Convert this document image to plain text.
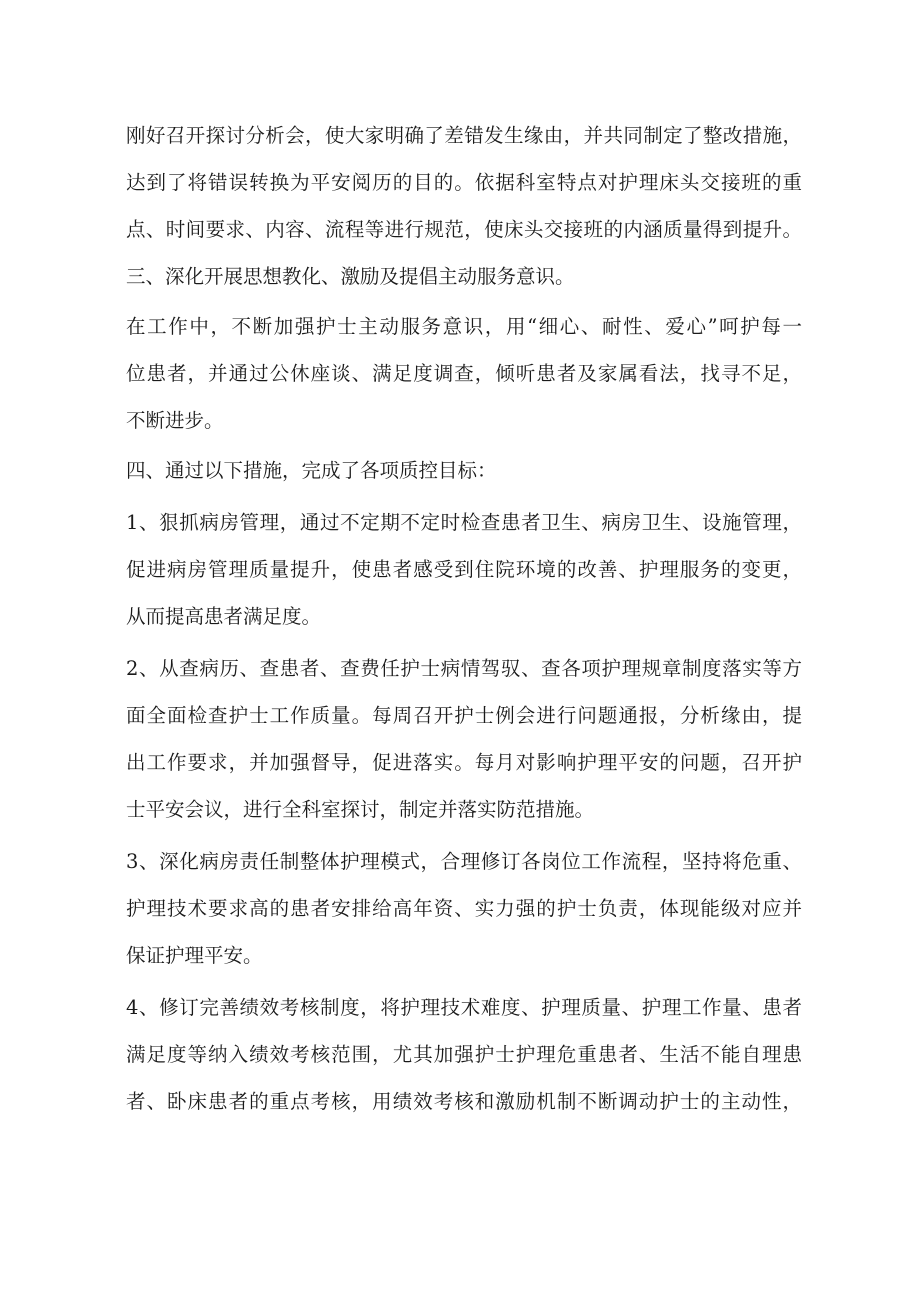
刚好召开探讨分析会，使大家明确了差错发生缘由，并共同制定了整改措施，
达到了将错误转换为平安阅历的目的。依据科室特点对护理床头交接班的重
点、时间要求、内容、流程等进行规范，使床头交接班的内涵质量得到提升。
三、深化开展思想教化、激励及提倡主动服务意识。
在工作中，不断加强护士主动服务意识，用“细心、耐性、爱心”呵护每一
位患者，并通过公休座谈、满足度调查，倾听患者及家属看法，找寻不足，
不断进步。
四、通过以下措施，完成了各项质控目标：
1、狠抓病房管理，通过不定期不定时检查患者卫生、病房卫生、设施管理，
促进病房管理质量提升，使患者感受到住院环境的改善、护理服务的变更，
从而提高患者满足度。
2、从查病历、查患者、查费任护士病情驾驭、查各项护理规章制度落实等方
面全面检查护士工作质量。每周召开护士例会进行问题通报，分析缘由，提
出工作要求，并加强督导，促进落实。每月对影响护理平安的问题，召开护
士平安会议，进行全科室探讨，制定并落实防范措施。
3、深化病房责任制整体护理模式，合理修订各岗位工作流程，坚持将危重、
护理技术要求高的患者安排给高年资、实力强的护士负责，体现能级对应并
保证护理平安。
4、修订完善绩效考核制度，将护理技术难度、护理质量、护理工作量、患者
满足度等纳入绩效考核范围，尤其加强护士护理危重患者、生活不能自理患
者、卧床患者的重点考核，用绩效考核和激励机制不断调动护士的主动性，
